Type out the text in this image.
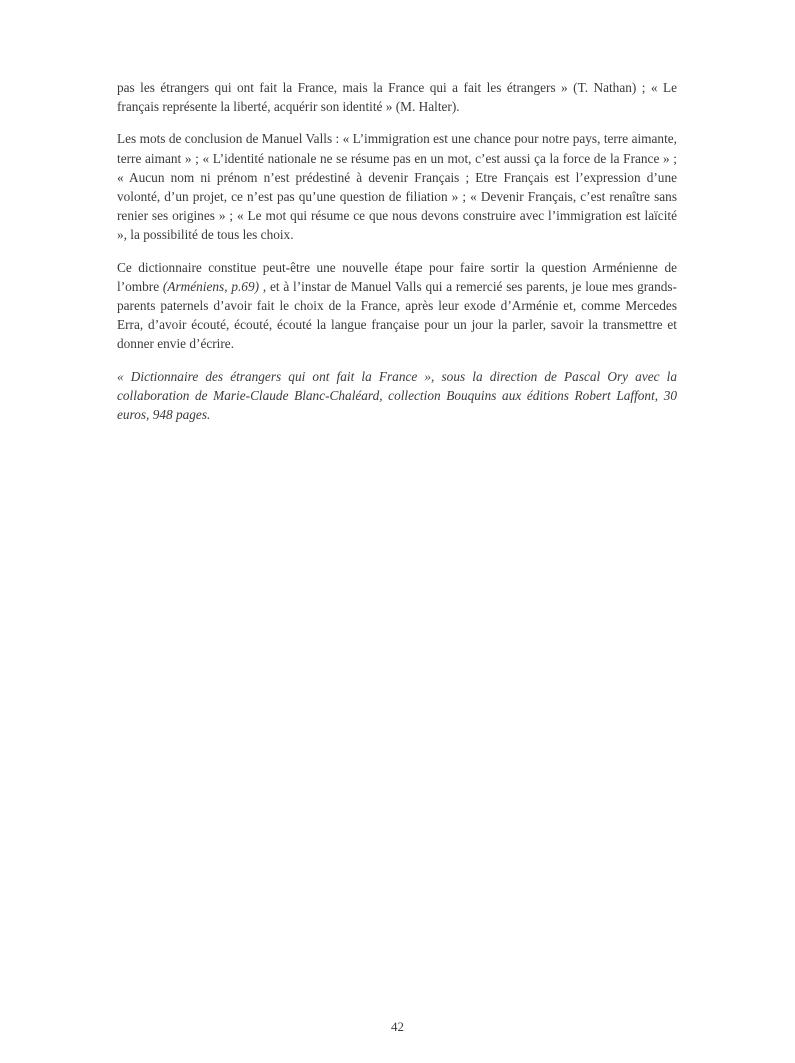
pas les étrangers qui ont fait la France, mais la France qui a fait les étrangers » (T. Nathan) ; « Le français représente la liberté, acquérir son identité » (M. Halter).

Les mots de conclusion de Manuel Valls : « L’immigration est une chance pour notre pays, terre aimante, terre aimant » ; « L’identité nationale ne se résume pas en un mot, c’est aussi ça la force de la France » ; « Aucun nom ni prénom n’est prédestiné à devenir Français ; Etre Français est l’expression d’une volonté, d’un projet, ce n’est pas qu’une question de filiation » ; « Devenir Français, c’est renaître sans renier ses origines » ; « Le mot qui résume ce que nous devons construire avec l’immigration est laïcité », la possibilité de tous les choix.

Ce dictionnaire constitue peut-être une nouvelle étape pour faire sortir la question Arménienne de l’ombre (Arméniens, p.69) , et à l’instar de Manuel Valls qui a remercié ses parents, je loue mes grands-parents paternels d’avoir fait le choix de la France, après leur exode d’Arménie et, comme Mercedes Erra, d’avoir écouté, écouté, écouté la langue française pour un jour la parler, savoir la transmettre et donner envie d’écrire.

« Dictionnaire des étrangers qui ont fait la France », sous la direction de Pascal Ory avec la collaboration de Marie-Claude Blanc-Chaléard, collection Bouquins aux éditions Robert Laffont, 30 euros, 948 pages.

42
